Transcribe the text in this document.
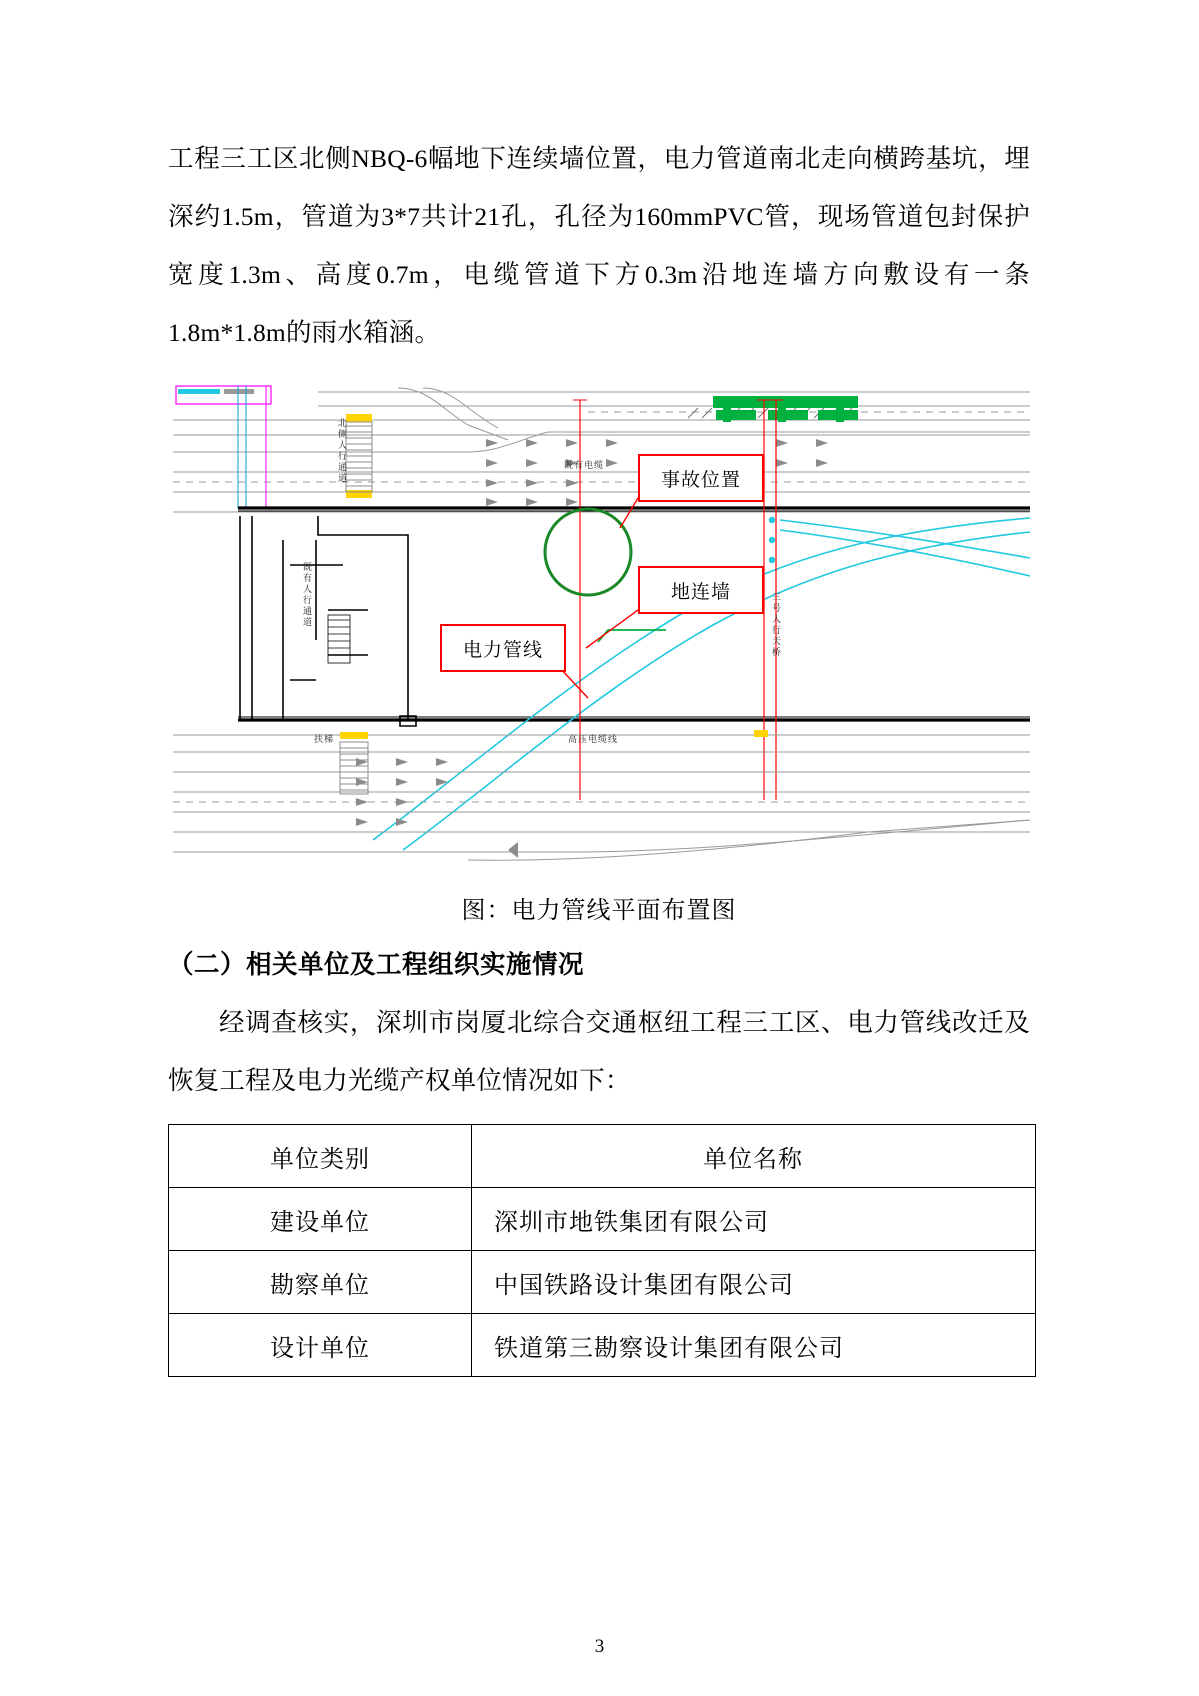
工程三工区北侧NBQ-6幅地下连续墙位置，电力管道南北走向横跨基坑，埋深约1.5m，管道为3*7共计21孔，孔径为160mmPVC管，现场管道包封保护宽度1.3m、高度0.7m，电缆管道下方0.3m沿地连墙方向敷设有一条1.8m*1.8m的雨水箱涵。

北侧人行通道
既有人行通道	三号人行天桥
既有电缆
高压电缆线
扶梯
事故位置
地连墙
电力管线

图：电力管线平面布置图

（二）相关单位及工程组织实施情况

经调查核实，深圳市岗厦北综合交通枢纽工程三工区、电力管线改迁及恢复工程及电力光缆产权单位情况如下：

单位类别	单位名称
建设单位	深圳市地铁集团有限公司
勘察单位	中国铁路设计集团有限公司
设计单位	铁道第三勘察设计集团有限公司
3
